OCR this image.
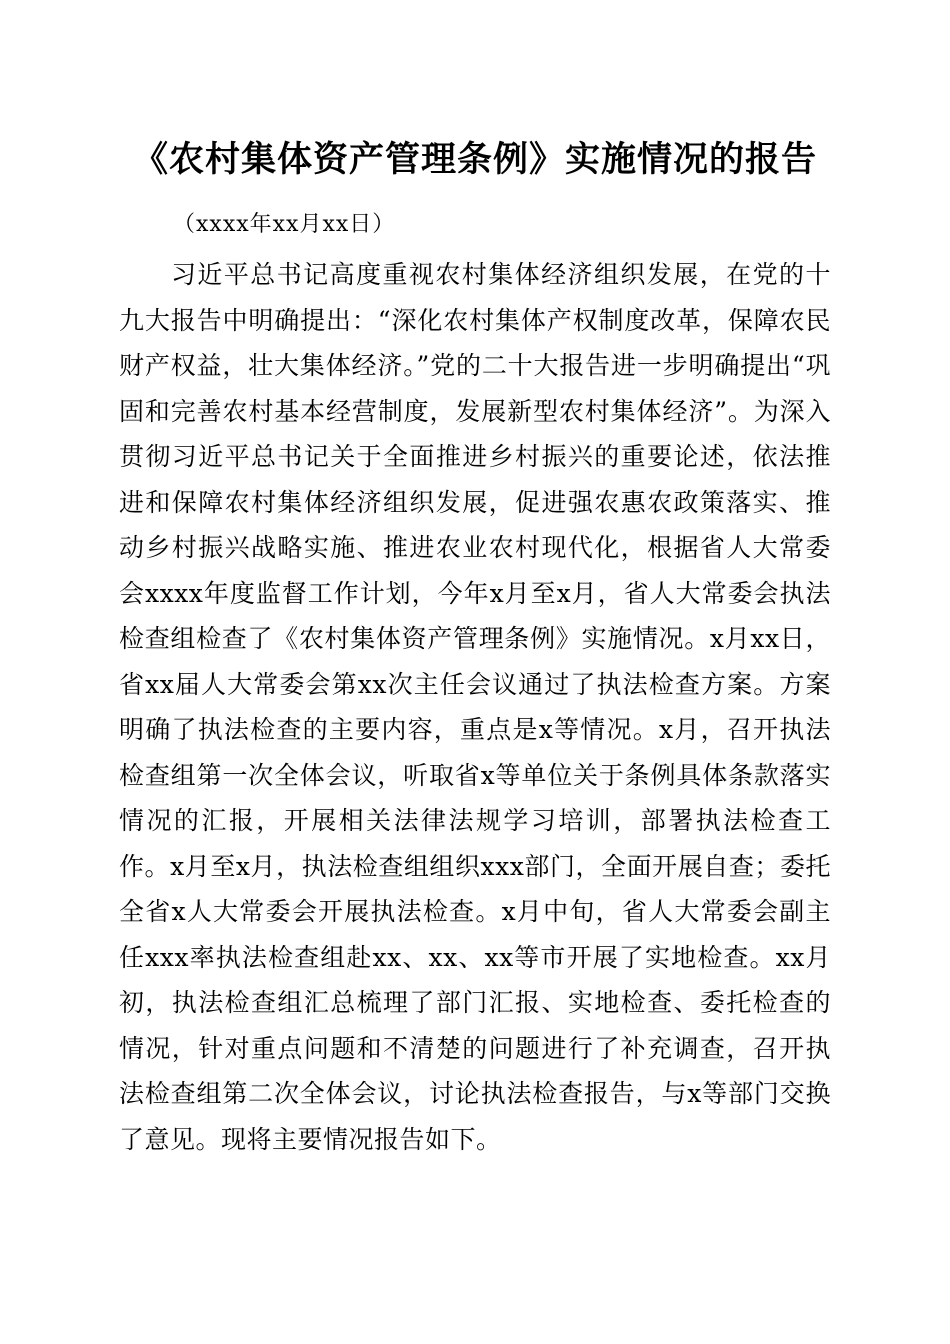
《农村集体资产管理条例》实施情况的报告

（xxxx年xx月xx日）

习近平总书记高度重视农村集体经济组织发展，在党的十九大报告中明确提出：“深化农村集体产权制度改革，保障农民财产权益，壮大集体经济。”党的二十大报告进一步明确提出“巩固和完善农村基本经营制度，发展新型农村集体经济”。为深入贯彻习近平总书记关于全面推进乡村振兴的重要论述，依法推进和保障农村集体经济组织发展，促进强农惠农政策落实、推动乡村振兴战略实施、推进农业农村现代化，根据省人大常委会xxxx年度监督工作计划，今年x月至x月，省人大常委会执法检查组检查了《农村集体资产管理条例》实施情况。x月xx日，省xx届人大常委会第xx次主任会议通过了执法检查方案。方案明确了执法检查的主要内容，重点是x等情况。x月，召开执法检查组第一次全体会议，听取省x等单位关于条例具体条款落实情况的汇报，开展相关法律法规学习培训，部署执法检查工作。x月至x月，执法检查组组织xxx部门，全面开展自查；委托全省x人大常委会开展执法检查。x月中旬，省人大常委会副主任xxx率执法检查组赴xx、xx、xx等市开展了实地检查。xx月初，执法检查组汇总梳理了部门汇报、实地检查、委托检查的情况，针对重点问题和不清楚的问题进行了补充调查，召开执法检查组第二次全体会议，讨论执法检查报告，与x等部门交换了意见。现将主要情况报告如下。
